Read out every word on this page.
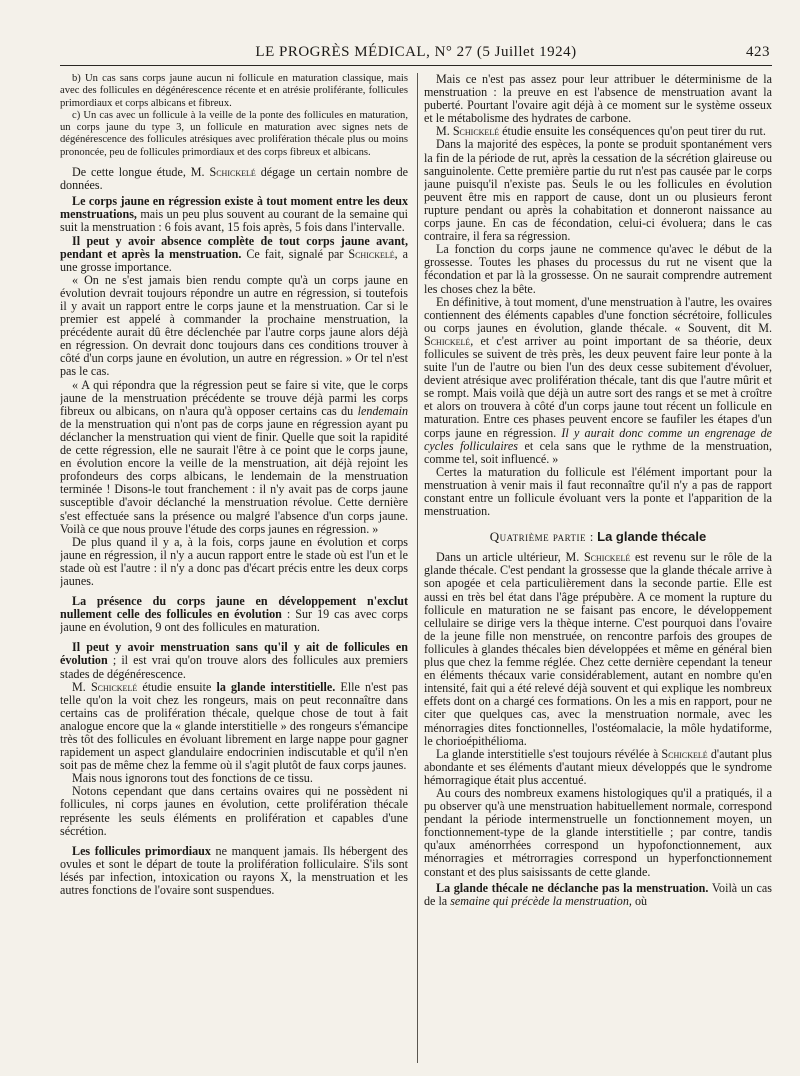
LE PROGRÈS MÉDICAL, N° 27 (5 Juillet 1924)	423

b) Un cas sans corps jaune aucun ni follicule en maturation classique, mais avec des follicules en dégénérescence récente et en atrésie proliférante, follicules primordiaux et corps albicans et fibreux.

c) Un cas avec un follicule à la veille de la ponte des follicules en maturation, un corps jaune du type 3, un follicule en maturation avec signes nets de dégénérescence des follicules atrésiques avec prolifération thécale plus ou moins prononcée, peu de follicules primordiaux et des corps fibreux et albicans.

De cette longue étude, M. Schickelé dégage un certain nombre de données.

Le corps jaune en régression existe à tout moment entre les deux menstruations, mais un peu plus souvent au courant de la semaine qui suit la menstruation : 6 fois avant, 15 fois après, 5 fois dans l'intervalle.

Il peut y avoir absence complète de tout corps jaune avant, pendant et après la menstruation. Ce fait, signalé par Schickelé, a une grosse importance.

« On ne s'est jamais bien rendu compte qu'à un corps jaune en évolution devrait toujours répondre un autre en régression, si toutefois il y avait un rapport entre le corps jaune et la menstruation. Car si le premier est appelé à commander la prochaine menstruation, la précédente aurait dû être déclenchée par l'autre corps jaune alors déjà en régression. On devrait donc toujours dans ces conditions trouver à côté d'un corps jaune en évolution, un autre en régression. » Or tel n'est pas le cas.

« A qui répondra que la régression peut se faire si vite, que le corps jaune de la menstruation précédente se trouve déjà parmi les corps fibreux ou albicans, on n'aura qu'à opposer certains cas du lendemain de la menstruation qui n'ont pas de corps jaune en régression ayant pu déclancher la menstruation qui vient de finir. Quelle que soit la rapidité de cette régression, elle ne saurait l'être à ce point que le corps jaune, en évolution encore la veille de la menstruation, ait déjà rejoint les profondeurs des corps albicans, le lendemain de la menstruation terminée ! Disons-le tout franchement : il n'y avait pas de corps jaune susceptible d'avoir déclanché la menstruation révolue. Cette dernière s'est effectuée sans la présence ou malgré l'absence d'un corps jaune. Voilà ce que nous prouve l'étude des corps jaunes en régression. »

De plus quand il y a, à la fois, corps jaune en évolution et corps jaune en régression, il n'y a aucun rapport entre le stade où est l'un et le stade où est l'autre : il n'y a donc pas d'écart précis entre les deux corps jaunes.

La présence du corps jaune en développement n'exclut nullement celle des follicules en évolution : Sur 19 cas avec corps jaune en évolution, 9 ont des follicules en maturation.

Il peut y avoir menstruation sans qu'il y ait de follicules en évolution ; il est vrai qu'on trouve alors des follicules aux premiers stades de dégénérescence.

M. Schickelé étudie ensuite la glande interstitielle. Elle n'est pas telle qu'on la voit chez les rongeurs, mais on peut reconnaître dans certains cas de prolifération thécale, quelque chose de tout à fait analogue encore que la « glande interstitielle » des rongeurs s'émancipe très tôt des follicules en évoluant librement en large nappe pour gagner rapidement un aspect glandulaire endocrinien indiscutable et qu'il n'en soit pas de même chez la femme où il s'agit plutôt de faux corps jaunes.

Mais nous ignorons tout des fonctions de ce tissu.

Notons cependant que dans certains ovaires qui ne possèdent ni follicules, ni corps jaunes en évolution, cette prolifération thécale représente les seuls éléments en prolifération et capables d'une sécrétion.

Les follicules primordiaux ne manquent jamais. Ils hébergent des ovules et sont le départ de toute la prolifération folliculaire. S'ils sont lésés par infection, intoxication ou rayons X, la menstruation et les autres fonctions de l'ovaire sont suspendues.

Mais ce n'est pas assez pour leur attribuer le déterminisme de la menstruation : la preuve en est l'absence de menstruation avant la puberté. Pourtant l'ovaire agit déjà à ce moment sur le système osseux et le métabolisme des hydrates de carbone.

M. Schickelé étudie ensuite les conséquences qu'on peut tirer du rut.

Dans la majorité des espèces, la ponte se produit spontanément vers la fin de la période de rut, après la cessation de la sécrétion glaireuse ou sanguinolente. Cette première partie du rut n'est pas causée par le corps jaune puisqu'il n'existe pas. Seuls le ou les follicules en évolution peuvent être mis en rapport de cause, dont un ou plusieurs feront rupture pendant ou après la cohabitation et donneront naissance au corps jaune. En cas de fécondation, celui-ci évoluera; dans le cas contraire, il fera sa régression.

La fonction du corps jaune ne commence qu'avec le début de la grossesse. Toutes les phases du processus du rut ne visent que la fécondation et par là la grossesse. On ne saurait comprendre autrement les choses chez la bête.

En définitive, à tout moment, d'une menstruation à l'autre, les ovaires contiennent des éléments capables d'une fonction sécrétoire, follicules ou corps jaunes en évolution, glande thécale. « Souvent, dit M. Schickelé, et c'est arriver au point important de sa théorie, deux follicules se suivent de très près, les deux peuvent faire leur ponte à la suite l'un de l'autre ou bien l'un des deux cesse subitement d'évoluer, devient atrésique avec prolifération thécale, tant dis que l'autre mûrit et se rompt. Mais voilà que déjà un autre sort des rangs et se met à croître et alors on trouvera à côté d'un corps jaune tout récent un follicule en maturation. Entre ces phases peuvent encore se faufiler les étapes d'un corps jaune en régression. Il y aurait donc comme un engrenage de cycles folliculaires et cela sans que le rythme de la menstruation, comme tel, soit influencé. »

Certes la maturation du follicule est l'élément important pour la menstruation à venir mais il faut reconnaître qu'il n'y a pas de rapport constant entre un follicule évoluant vers la ponte et l'apparition de la menstruation.

Quatrième partie : La glande thécale

Dans un article ultérieur, M. Schickelé est revenu sur le rôle de la glande thécale. C'est pendant la grossesse que la glande thécale arrive à son apogée et cela particulièrement dans la seconde partie. Elle est aussi en très bel état dans l'âge prépubère. A ce moment la rupture du follicule en maturation ne se faisant pas encore, le développement cellulaire se dirige vers la thèque interne. C'est pourquoi dans l'ovaire de la jeune fille non menstruée, on rencontre parfois des groupes de follicules à glandes thécales bien développées et même en général bien plus que chez la femme réglée. Chez cette dernière cependant la teneur en éléments thécaux varie considérablement, autant en nombre qu'en intensité, fait qui a été relevé déjà souvent et qui explique les nombreux effets dont on a chargé ces formations. On les a mis en rapport, pour ne citer que quelques cas, avec la menstruation normale, avec les ménorragies dites fonctionnelles, l'ostéomalacie, la môle hydatiforme, le chorioépithélioma.

La glande interstitielle s'est toujours révélée à Schickelé d'autant plus abondante et ses éléments d'autant mieux développés que le syndrome hémorragique était plus accentué.

Au cours des nombreux examens histologiques qu'il a pratiqués, il a pu observer qu'à une menstruation habituellement normale, correspond pendant la période intermenstruelle un fonctionnement moyen, un fonctionnement-type de la glande interstitielle ; par contre, tandis qu'aux aménorrhées correspond un hypofonctionnement, aux ménorragies et métrorragies correspond un hyperfonctionnement constant et des plus saisissants de cette glande.

La glande thécale ne déclanche pas la menstruation. Voilà un cas de la semaine qui précède la menstruation, où
